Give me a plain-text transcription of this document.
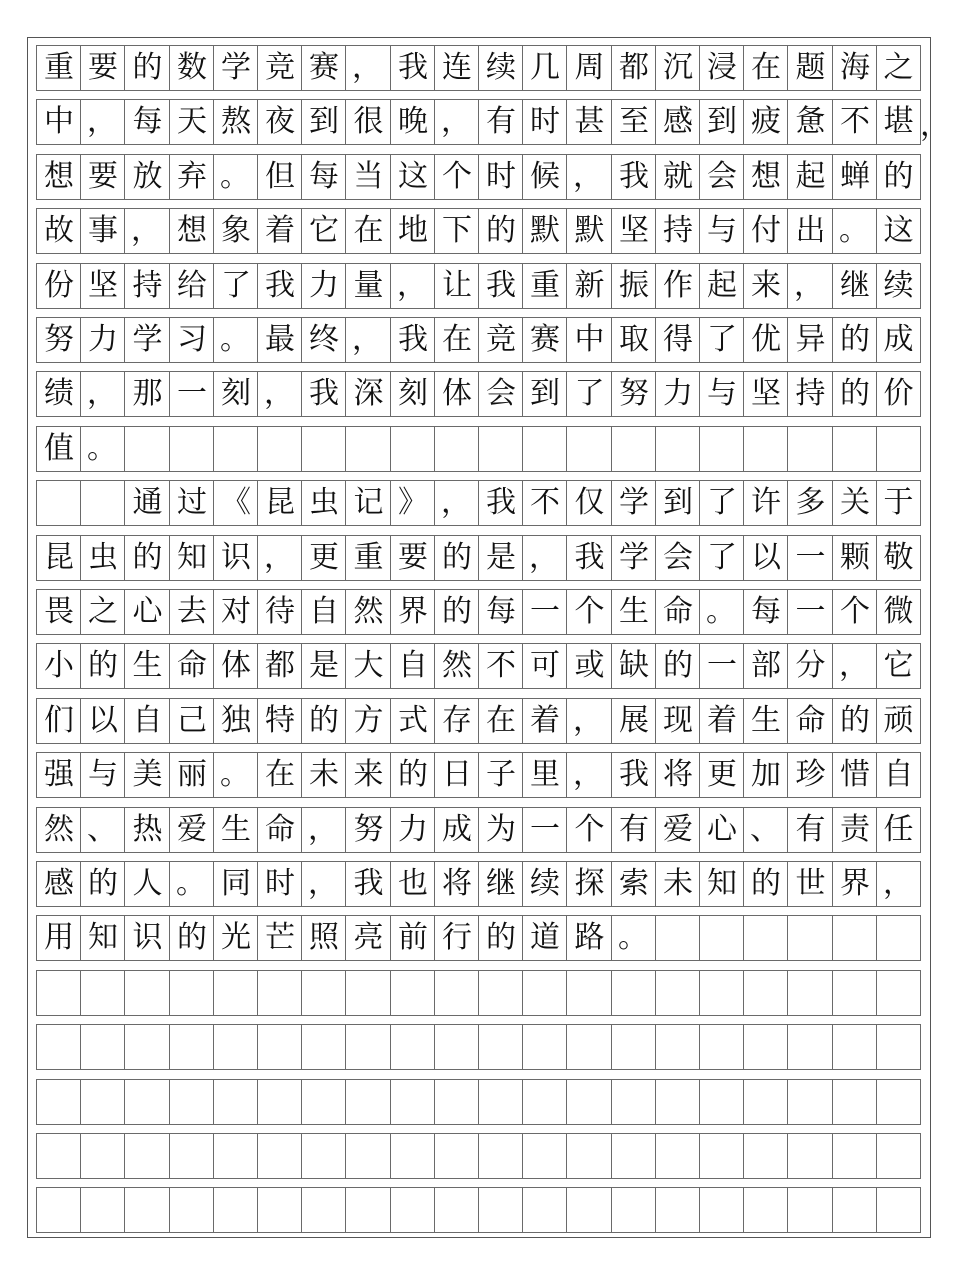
重 要 的 数 学 竞 赛 ， 我 连 续 几 周 都 沉 浸 在 题 海 之
中 ， 每 天 熬 夜 到 很 晚 ， 有 时 甚 至 感 到 疲 惫 不 堪 ，
想 要 放 弃 。 但 每 当 这 个 时 候 ， 我 就 会 想 起 蝉 的
故 事 ， 想 象 着 它 在 地 下 的 默 默 坚 持 与 付 出 。 这
份 坚 持 给 了 我 力 量 ， 让 我 重 新 振 作 起 来 ， 继 续
努 力 学 习 。 最 终 ， 我 在 竞 赛 中 取 得 了 优 异 的 成
绩 ， 那 一 刻 ， 我 深 刻 体 会 到 了 努 力 与 坚 持 的 价
值 。
通 过 《 昆 虫 记 》 ， 我 不 仅 学 到 了 许 多 关 于
昆 虫 的 知 识 ， 更 重 要 的 是 ， 我 学 会 了 以 一 颗 敬
畏 之 心 去 对 待 自 然 界 的 每 一 个 生 命 。 每 一 个 微
小 的 生 命 体 都 是 大 自 然 不 可 或 缺 的 一 部 分 ， 它
们 以 自 己 独 特 的 方 式 存 在 着 ， 展 现 着 生 命 的 顽
强 与 美 丽 。 在 未 来 的 日 子 里 ， 我 将 更 加 珍 惜 自
然 、 热 爱 生 命 ， 努 力 成 为 一 个 有 爱 心 、 有 责 任
感 的 人 。 同 时 ， 我 也 将 继 续 探 索 未 知 的 世 界 ，
用 知 识 的 光 芒 照 亮 前 行 的 道 路 。
